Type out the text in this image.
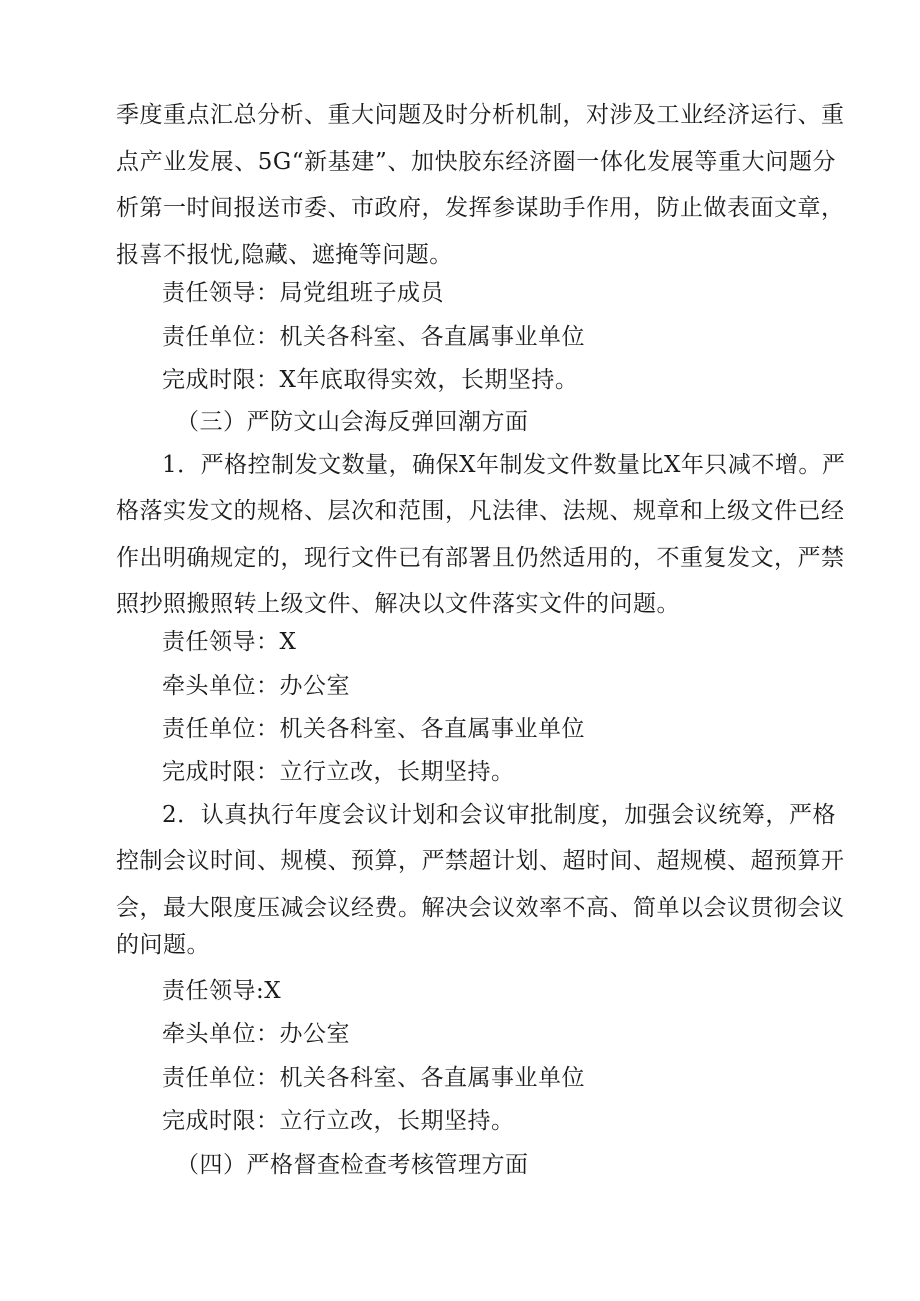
季度重点汇总分析、重大问题及时分析机制，对涉及工业经济运行、重
点产业发展、5G“新基建”、加快胶东经济圈一体化发展等重大问题分
析第一时间报送市委、市政府，发挥参谋助手作用，防止做表面文章，
报喜不报忧,隐藏、遮掩等问题。
责任领导：局党组班子成员
责任单位：机关各科室、各直属事业单位
完成时限：X年底取得实效，长期坚持。
（三）严防文山会海反弹回潮方面
1．严格控制发文数量，确保X年制发文件数量比X年只减不增。严
格落实发文的规格、层次和范围，凡法律、法规、规章和上级文件已经
作出明确规定的，现行文件已有部署且仍然适用的，不重复发文，严禁
照抄照搬照转上级文件、解决以文件落实文件的问题。
责任领导：X
牵头单位：办公室
责任单位：机关各科室、各直属事业单位
完成时限：立行立改，长期坚持。
2．认真执行年度会议计划和会议审批制度，加强会议统筹，严格
控制会议时间、规模、预算，严禁超计划、超时间、超规模、超预算开
会，最大限度压减会议经费。解决会议效率不高、简单以会议贯彻会议
的问题。
责任领导:X
牵头单位：办公室
责任单位：机关各科室、各直属事业单位
完成时限：立行立改，长期坚持。
（四）严格督查检查考核管理方面
